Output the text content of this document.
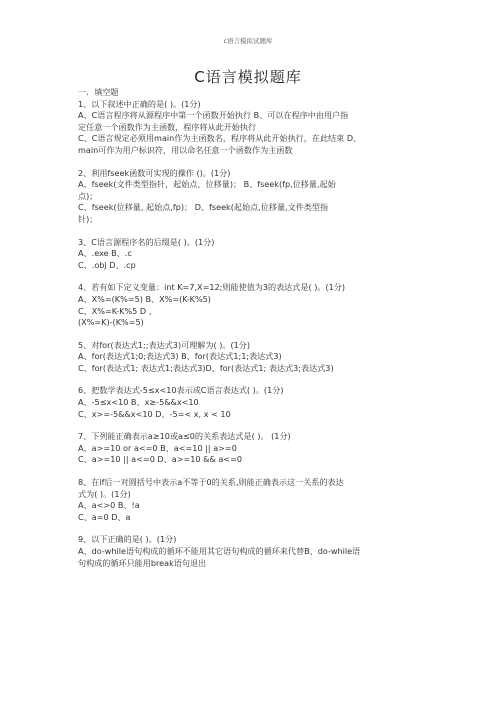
c语言模拟试题库
C语言模拟题库
一．填空题
1、以下叙述中正确的是( )。(1分)
A、C语言程序将从源程序中第一个函数开始执行 B、可以在程序中由用户指
定任意一个函数作为主函数，程序将从此开始执行
C、C语言规定必须用main作为主函数名，程序将从此开始执行，在此结束 D、
main可作为用户标识符，用以命名任意一个函数作为主函数
2、利用fseek函数可实现的操作 ()。(1分)
A、fseek(文件类型指针，起始点，位移量)； B、fseek(fp,位移量,起始
点)；
C、fseek(位移量, 起始点,fp)； D、fseek(起始点,位移量,文件类型指
针)；
3、C语言源程序名的后缀是( )。(1分)
A、.exe B、.c
C、.obj D、.cp
4、若有如下定义变量：int K=7,X=12;则能使值为3的表达式是( )。(1分)
A、X%=(K%=5) B、X%=(K-K%5)
C、X%=K-K%5 D 、
(X%=K)-(K%=5)
5、对for(表达式1;;表达式3)可理解为( )。(1分)
A、for(表达式1;0;表达式3) B、for(表达式1;1;表达式3)
C、for(表达式1; 表达式1;表达式3)D、for(表达式1; 表达式3;表达式3)
6、把数学表达式-5≤x<10表示成C语言表达式( )。(1分)
A、-5≤x<10 B、x≥-5&&x<10
C、x>=-5&&x<10 D、-5=< x, x < 10
7、下列能正确表示a≥10或a≤0的关系表达式是( )。 (1分)
A、a>=10 or a<=0 B、a<=10 || a>=0
C、a>=10 || a<=0 D、a>=10 && a<=0
8、在if后一对圆括号中表示a不等于0的关系,则能正确表示这一关系的表达
式为( )。(1分)
A、a<>0 B、!a
C、a=0 D、a
9、以下正确的是( )。(1分)
A、do-while语句构成的循环不能用其它语句构成的循环来代替B、do-while语
句构成的循环只能用break语句退出
